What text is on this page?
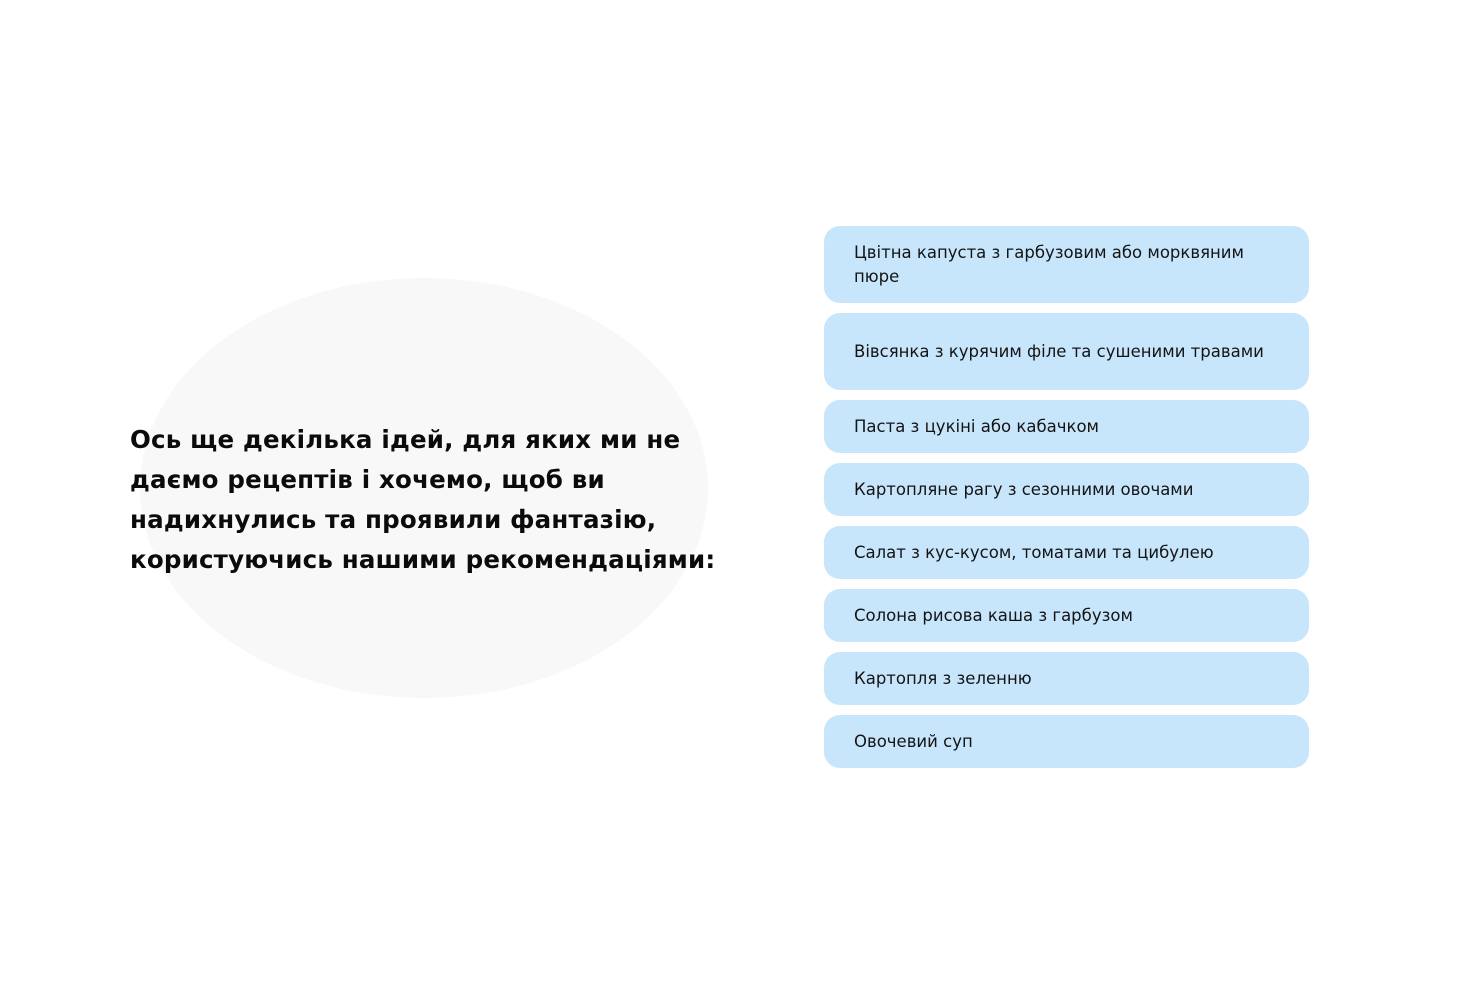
Ось ще декілька ідей, для яких ми не даємо рецептів і хочемо, щоб ви надихнулись та проявили фантазію, користуючись нашими рекомендаціями:

Цвітна капуста з гарбузовим або морквяним пюре
Вівсянка з курячим філе та сушеними травами
Паста з цукіні або кабачком
Картопляне рагу з сезонними овочами
Салат з кус-кусом, томатами та цибулею
Солона рисова каша з гарбузом
Картопля з зеленню
Овочевий суп
